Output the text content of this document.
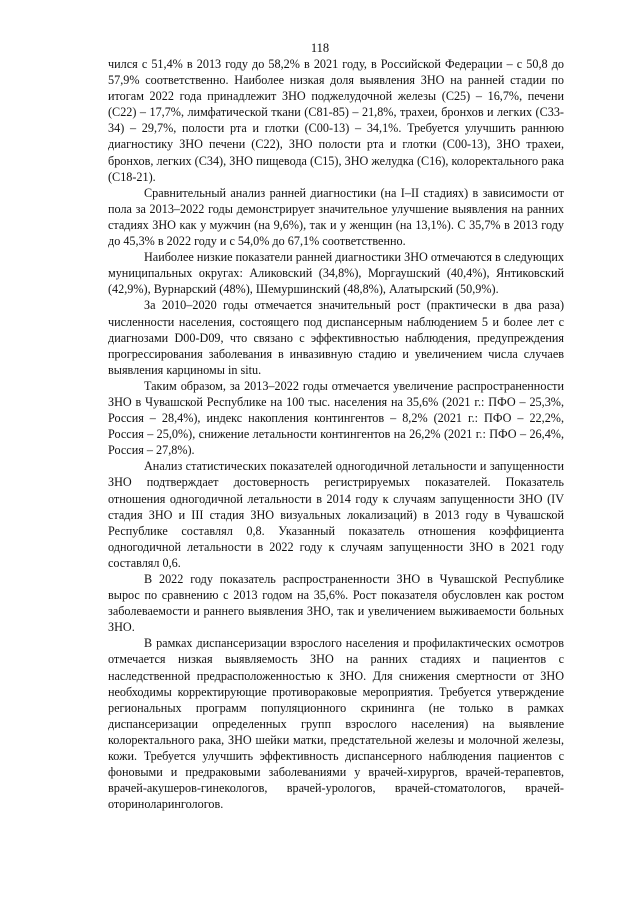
118

чился с 51,4% в 2013 году до 58,2% в 2021 году, в Российской Федерации – с 50,8 до 57,9% соответственно. Наиболее низкая доля выявления ЗНО на ранней стадии по итогам 2022 года принадлежит ЗНО поджелудочной железы (С25) – 16,7%, печени (С22) – 17,7%, лимфатической ткани (С81-85) – 21,8%, трахеи, бронхов и легких (С33-34) – 29,7%, полости рта и глотки (С00-13) – 34,1%. Требуется улучшить раннюю диагностику ЗНО печени (С22), ЗНО полости рта и глотки (С00-13), ЗНО трахеи, бронхов, легких (С34), ЗНО пищевода (С15), ЗНО желудка (С16), колоректального рака (С18-21).

Сравнительный анализ ранней диагностики (на I–II стадиях) в зависимости от пола за 2013–2022 годы демонстрирует значительное улучшение выявления на ранних стадиях ЗНО как у мужчин (на 9,6%), так и у женщин (на 13,1%). С 35,7% в 2013 году до 45,3% в 2022 году и с 54,0% до 67,1% соответственно.

Наиболее низкие показатели ранней диагностики ЗНО отмечаются в следующих муниципальных округах: Аликовский (34,8%), Моргаушский (40,4%), Янтиковский (42,9%), Вурнарский (48%), Шемуршинский (48,8%), Алатырский (50,9%).

За 2010–2020 годы отмечается значительный рост (практически в два раза) численности населения, состоящего под диспансерным наблюдением 5 и более лет с диагнозами D00-D09, что связано с эффективностью наблюдения, предупреждения прогрессирования заболевания в инвазивную стадию и увеличением числа случаев выявления карциномы in situ.

Таким образом, за 2013–2022 годы отмечается увеличение распространенности ЗНО в Чувашской Республике на 100 тыс. населения на 35,6% (2021 г.: ПФО – 25,3%, Россия – 28,4%), индекс накопления контингентов – 8,2% (2021 г.: ПФО – 22,2%, Россия – 25,0%), снижение летальности контингентов на 26,2% (2021 г.: ПФО – 26,4%, Россия – 27,8%).

Анализ статистических показателей одногодичной летальности и запущенности ЗНО подтверждает достоверность регистрируемых показателей. Показатель отношения одногодичной летальности в 2014 году к случаям запущенности ЗНО (IV стадия ЗНО и III стадия ЗНО визуальных локализаций) в 2013 году в Чувашской Республике составлял 0,8. Указанный показатель отношения коэффициента одногодичной летальности в 2022 году к случаям запущенности ЗНО в 2021 году составлял 0,6.

В 2022 году показатель распространенности ЗНО в Чувашской Республике вырос по сравнению с 2013 годом на 35,6%. Рост показателя обусловлен как ростом заболеваемости и раннего выявления ЗНО, так и увеличением выживаемости больных ЗНО.

В рамках диспансеризации взрослого населения и профилактических осмотров отмечается низкая выявляемость ЗНО на ранних стадиях и пациентов с наследственной предрасположенностью к ЗНО. Для снижения смертности от ЗНО необходимы корректирующие противораковые мероприятия. Требуется утверждение региональных программ популяционного скрининга (не только в рамках диспансеризации определенных групп взрослого населения) на выявление колоректального рака, ЗНО шейки матки, предстательной железы и молочной железы, кожи. Требуется улучшить эффективность диспансерного наблюдения пациентов с фоновыми и предраковыми заболеваниями у врачей-хирургов, врачей-терапевтов, врачей-акушеров-гинекологов, врачей-урологов, врачей-стоматологов, врачей-оториноларингологов.
